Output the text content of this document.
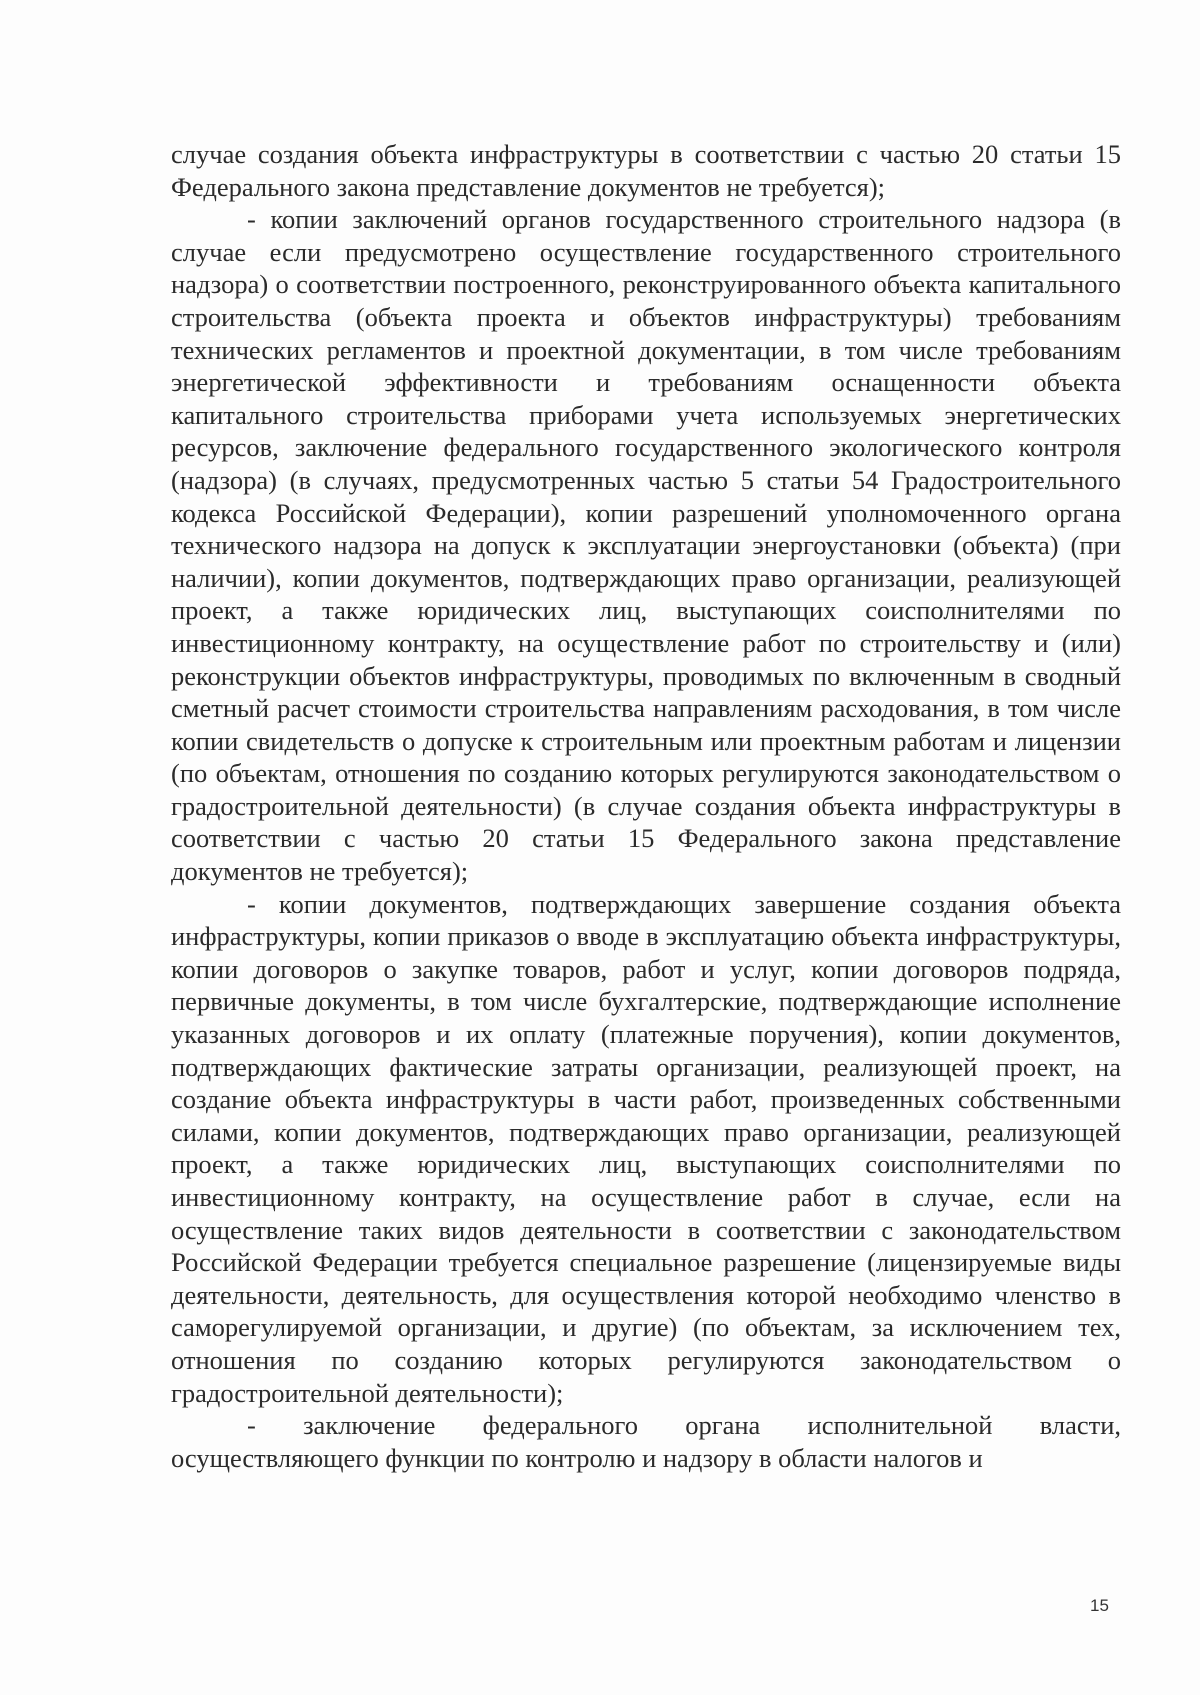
случае создания объекта инфраструктуры в соответствии с частью 20 статьи 15 Федерального закона представление документов не требуется);

- копии заключений органов государственного строительного надзора (в случае если предусмотрено осуществление государственного строительного надзора) о соответствии построенного, реконструированного объекта капитального строительства (объекта проекта и объектов инфраструктуры) требованиям технических регламентов и проектной документации, в том числе требованиям энергетической эффективности и требованиям оснащенности объекта капитального строительства приборами учета используемых энергетических ресурсов, заключение федерального государственного экологического контроля (надзора) (в случаях, предусмотренных частью 5 статьи 54 Градостроительного кодекса Российской Федерации), копии разрешений уполномоченного органа технического надзора на допуск к эксплуатации энергоустановки (объекта) (при наличии), копии документов, подтверждающих право организации, реализующей проект, а также юридических лиц, выступающих соисполнителями по инвестиционному контракту, на осуществление работ по строительству и (или) реконструкции объектов инфраструктуры, проводимых по включенным в сводный сметный расчет стоимости строительства направлениям расходования, в том числе копии свидетельств о допуске к строительным или проектным работам и лицензии (по объектам, отношения по созданию которых регулируются законодательством о градостроительной деятельности) (в случае создания объекта инфраструктуры в соответствии с частью 20 статьи 15 Федерального закона представление документов не требуется);

- копии документов, подтверждающих завершение создания объекта инфраструктуры, копии приказов о вводе в эксплуатацию объекта инфраструктуры, копии договоров о закупке товаров, работ и услуг, копии договоров подряда, первичные документы, в том числе бухгалтерские, подтверждающие исполнение указанных договоров и их оплату (платежные поручения), копии документов, подтверждающих фактические затраты организации, реализующей проект, на создание объекта инфраструктуры в части работ, произведенных собственными силами, копии документов, подтверждающих право организации, реализующей проект, а также юридических лиц, выступающих соисполнителями по инвестиционному контракту, на осуществление работ в случае, если на осуществление таких видов деятельности в соответствии с законодательством Российской Федерации требуется специальное разрешение (лицензируемые виды деятельности, деятельность, для осуществления которой необходимо членство в саморегулируемой организации, и другие) (по объектам, за исключением тех, отношения по созданию которых регулируются законодательством о градостроительной деятельности);

- заключение федерального органа исполнительной власти, осуществляющего функции по контролю и надзору в области налогов и

15
